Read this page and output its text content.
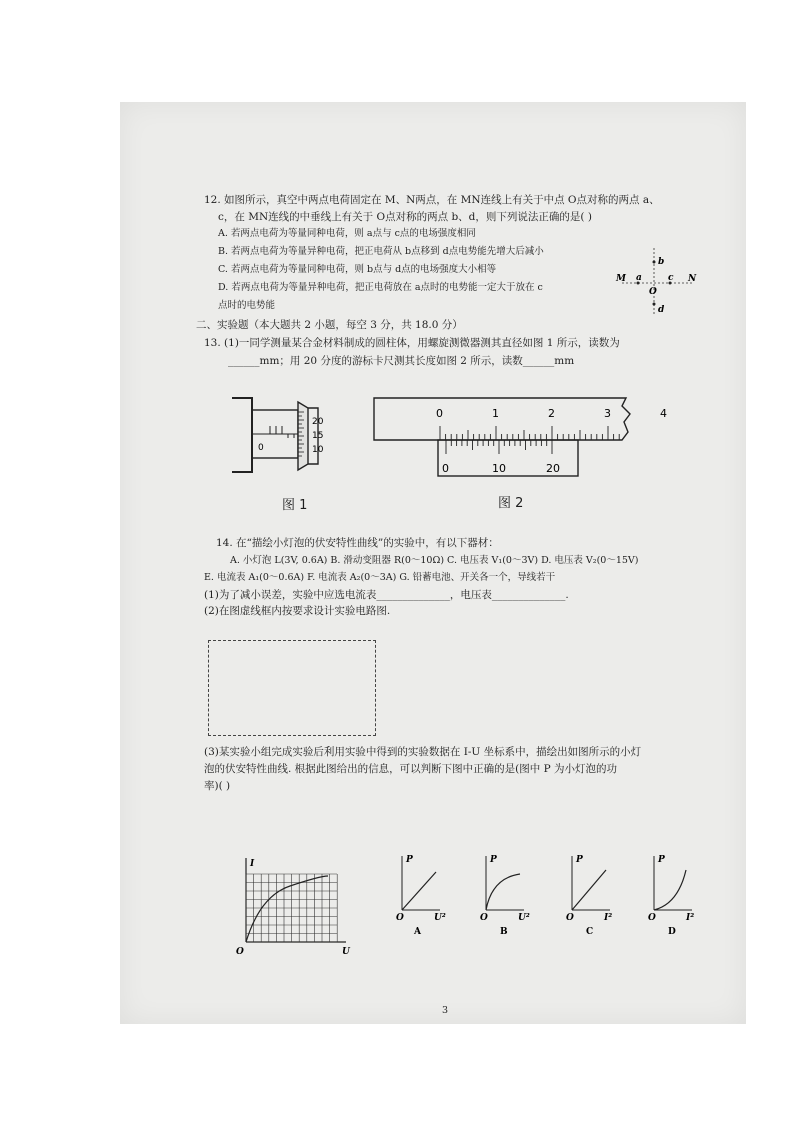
12. 如图所示，真空中两点电荷固定在 M、N两点，在 MN连线上有关于中点 O点对称的两点 a、
c，在 MN连线的中垂线上有关于 O点对称的两点 b、d，则下列说法正确的是( )
A. 若两点电荷为等量同种电荷，则 a点与 c点的电场强度相同
B. 若两点电荷为等量异种电荷，把正电荷从 b点移到 d点电势能先增大后减小
C. 若两点电荷为等量同种电荷，则 b点与 d点的电场强度大小相等
D. 若两点电荷为等量异种电荷，把正电荷放在 a点时的电势能一定大于放在 c
点时的电势能
b
d
M a
O
c N
二、实验题（本大题共 2 小题，每空 3 分，共 18.0 分）
13. (1)一同学测量某合金材料制成的圆柱体，用螺旋测微器测其直径如图 1 所示，读数为
______mm；用 20 分度的游标卡尺测其长度如图 2 所示，读数______mm
0
20
15
10
图 1
0	1	2	3	4
0	10	20
图 2
14. 在“描绘小灯泡的伏安特性曲线”的实验中，有以下器材：
A. 小灯泡 L(3V, 0.6A) B. 滑动变阻器 R(0～10Ω) C. 电压表 V₁(0～3V) D. 电压表 V₂(0～15V)
E. 电流表 A₁(0～0.6A) F. 电流表 A₂(0～3A) G. 铅蓄电池、开关各一个，导线若干
(1)为了减小误差，实验中应选电流表______________，电压表______________.
(2)在图虚线框内按要求设计实验电路图.
(3)某实验小组完成实验后利用实验中得到的实验数据在 I-U 坐标系中，描绘出如图所示的小灯
泡的伏安特性曲线. 根据此图给出的信息，可以判断下图中正确的是(图中 P 为小灯泡的功
率)( )
I
U
O
P
U²
O
A
P
U²
O
B
P
I²
O
C
P
I²
O
D
3
